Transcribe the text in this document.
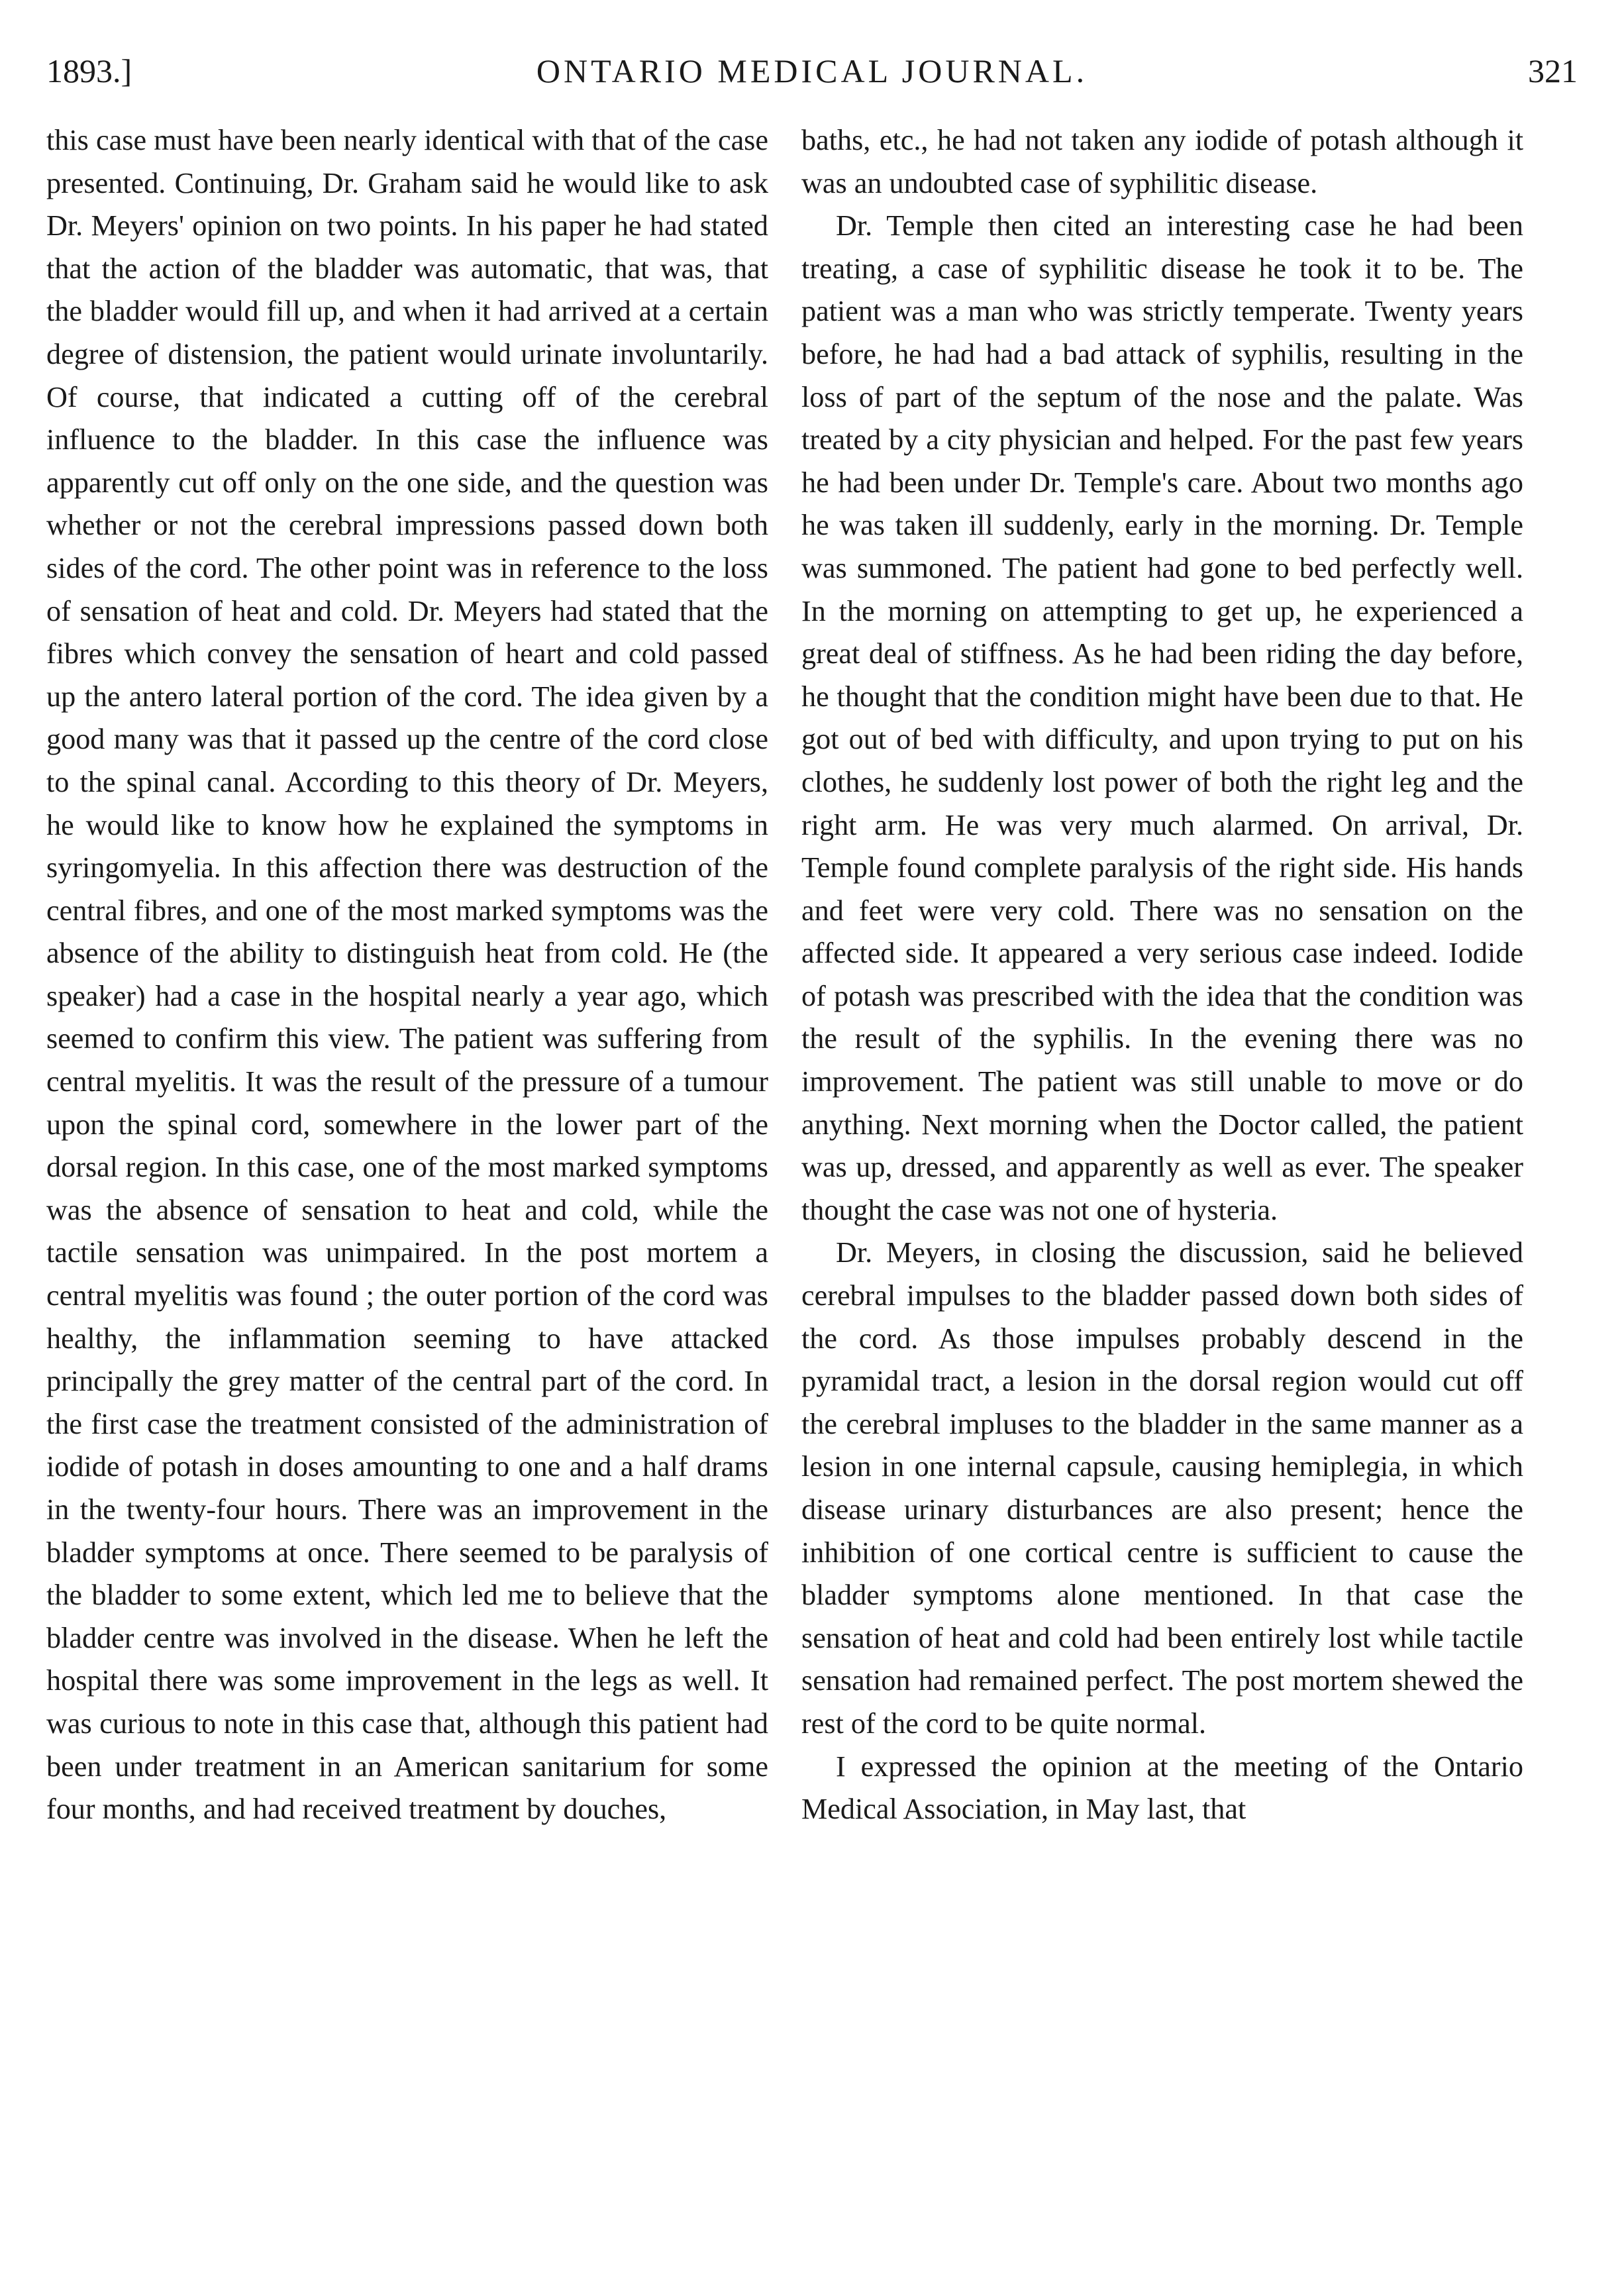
1893.]	ONTARIO MEDICAL JOURNAL.	321

this case must have been nearly identical with that of the case presented. Continuing, Dr. Graham said he would like to ask Dr. Meyers' opinion on two points. In his paper he had stated that the action of the bladder was automatic, that was, that the bladder would fill up, and when it had arrived at a certain degree of distension, the patient would urinate involuntarily. Of course, that indicated a cutting off of the cerebral influence to the bladder. In this case the influence was apparently cut off only on the one side, and the question was whether or not the cerebral impressions passed down both sides of the cord. The other point was in reference to the loss of sensation of heat and cold. Dr. Meyers had stated that the fibres which convey the sensation of heart and cold passed up the antero lateral portion of the cord. The idea given by a good many was that it passed up the centre of the cord close to the spinal canal. According to this theory of Dr. Meyers, he would like to know how he explained the symptoms in syringomyelia. In this affection there was destruction of the central fibres, and one of the most marked symptoms was the absence of the ability to distinguish heat from cold. He (the speaker) had a case in the hospital nearly a year ago, which seemed to confirm this view. The patient was suffering from central myelitis. It was the result of the pressure of a tumour upon the spinal cord, somewhere in the lower part of the dorsal region. In this case, one of the most marked symptoms was the absence of sensation to heat and cold, while the tactile sensation was unimpaired. In the post mortem a central myelitis was found ; the outer portion of the cord was healthy, the inflammation seeming to have attacked principally the grey matter of the central part of the cord. In the first case the treatment consisted of the administration of iodide of potash in doses amounting to one and a half drams in the twenty-four hours. There was an improvement in the bladder symptoms at once. There seemed to be paralysis of the bladder to some extent, which led me to believe that the bladder centre was involved in the disease. When he left the hospital there was some improvement in the legs as well. It was curious to note in this case that, although this patient had been under treatment in an American sanitarium for some four months, and had received treatment by douches,

baths, etc., he had not taken any iodide of potash although it was an undoubted case of syphilitic disease.

Dr. Temple then cited an interesting case he had been treating, a case of syphilitic disease he took it to be. The patient was a man who was strictly temperate. Twenty years before, he had had a bad attack of syphilis, resulting in the loss of part of the septum of the nose and the palate. Was treated by a city physician and helped. For the past few years he had been under Dr. Temple's care. About two months ago he was taken ill suddenly, early in the morning. Dr. Temple was summoned. The patient had gone to bed perfectly well. In the morning on attempting to get up, he experienced a great deal of stiffness. As he had been riding the day before, he thought that the condition might have been due to that. He got out of bed with difficulty, and upon trying to put on his clothes, he suddenly lost power of both the right leg and the right arm. He was very much alarmed. On arrival, Dr. Temple found complete paralysis of the right side. His hands and feet were very cold. There was no sensation on the affected side. It appeared a very serious case indeed. Iodide of potash was prescribed with the idea that the condition was the result of the syphilis. In the evening there was no improvement. The patient was still unable to move or do anything. Next morning when the Doctor called, the patient was up, dressed, and apparently as well as ever. The speaker thought the case was not one of hysteria.

Dr. Meyers, in closing the discussion, said he believed cerebral impulses to the bladder passed down both sides of the cord. As those impulses probably descend in the pyramidal tract, a lesion in the dorsal region would cut off the cerebral impluses to the bladder in the same manner as a lesion in one internal capsule, causing hemiplegia, in which disease urinary disturbances are also present; hence the inhibition of one cortical centre is sufficient to cause the bladder symptoms alone mentioned. In that case the sensation of heat and cold had been entirely lost while tactile sensation had remained perfect. The post mortem shewed the rest of the cord to be quite normal.

I expressed the opinion at the meeting of the Ontario Medical Association, in May last, that
